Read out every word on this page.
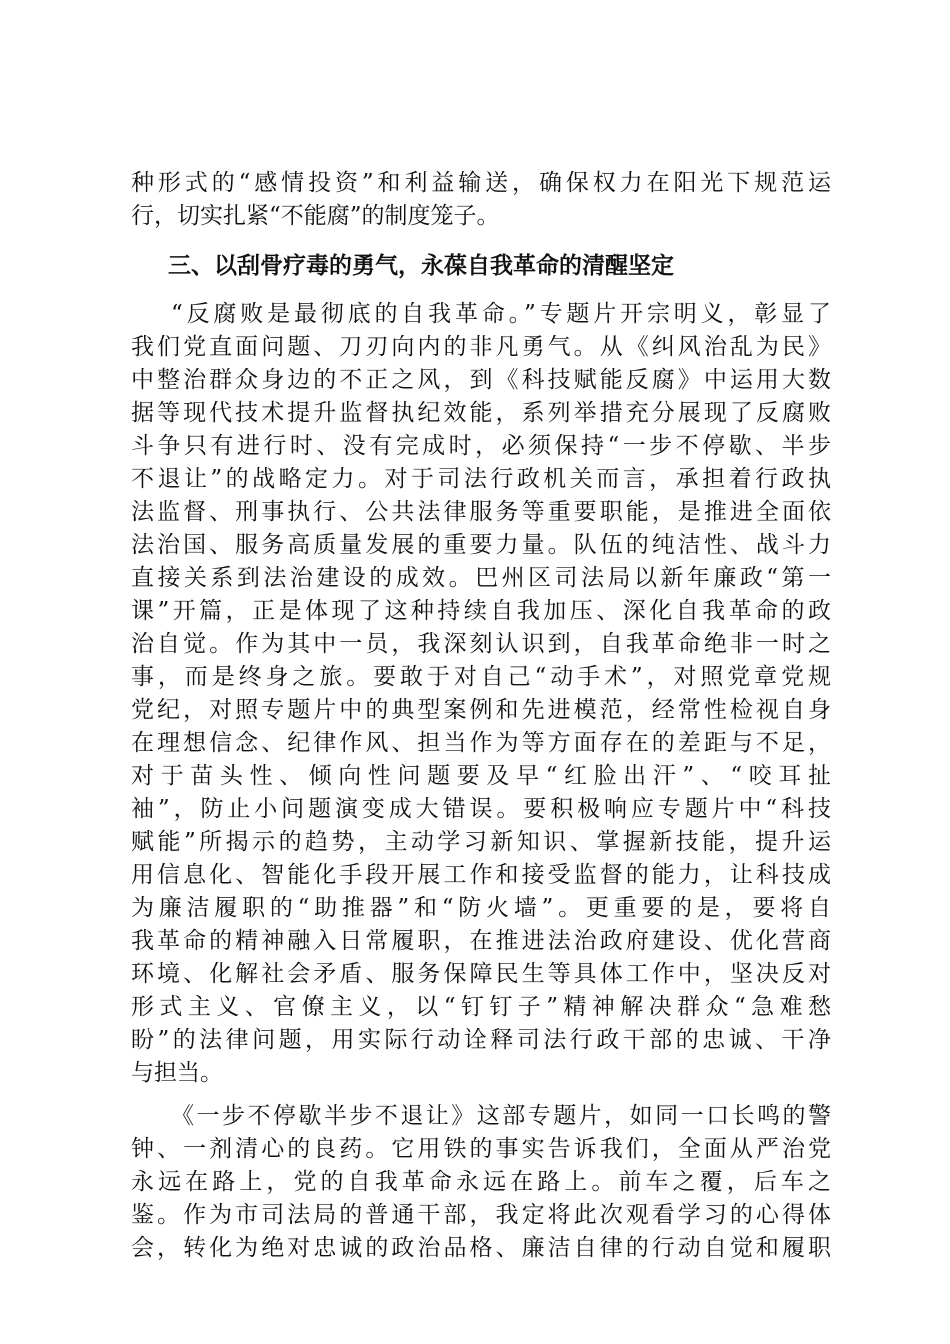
种形式的“感情投资”和利益输送，确保权力在阳光下规范运
行，切实扎紧“不能腐”的制度笼子。
三、以刮骨疗毒的勇气，永葆自我革命的清醒坚定
“反腐败是最彻底的自我革命。”专题片开宗明义，彰显了
我们党直面问题、刀刃向内的非凡勇气。从《纠风治乱为民》
中整治群众身边的不正之风，到《科技赋能反腐》中运用大数
据等现代技术提升监督执纪效能，系列举措充分展现了反腐败
斗争只有进行时、没有完成时，必须保持“一步不停歇、半步
不退让”的战略定力。对于司法行政机关而言，承担着行政执
法监督、刑事执行、公共法律服务等重要职能，是推进全面依
法治国、服务高质量发展的重要力量。队伍的纯洁性、战斗力
直接关系到法治建设的成效。巴州区司法局以新年廉政“第一
课”开篇，正是体现了这种持续自我加压、深化自我革命的政
治自觉。作为其中一员，我深刻认识到，自我革命绝非一时之
事，而是终身之旅。要敢于对自己“动手术”，对照党章党规
党纪，对照专题片中的典型案例和先进模范，经常性检视自身
在理想信念、纪律作风、担当作为等方面存在的差距与不足，
对于苗头性、倾向性问题要及早“红脸出汗”、“咬耳扯
袖”，防止小问题演变成大错误。要积极响应专题片中“科技
赋能”所揭示的趋势，主动学习新知识、掌握新技能，提升运
用信息化、智能化手段开展工作和接受监督的能力，让科技成
为廉洁履职的“助推器”和“防火墙”。更重要的是，要将自
我革命的精神融入日常履职，在推进法治政府建设、优化营商
环境、化解社会矛盾、服务保障民生等具体工作中，坚决反对
形式主义、官僚主义，以“钉钉子”精神解决群众“急难愁
盼”的法律问题，用实际行动诠释司法行政干部的忠诚、干净
与担当。
《一步不停歇半步不退让》这部专题片，如同一口长鸣的警
钟、一剂清心的良药。它用铁的事实告诉我们，全面从严治党
永远在路上，党的自我革命永远在路上。前车之覆，后车之
鉴。作为市司法局的普通干部，我定将此次观看学习的心得体
会，转化为绝对忠诚的政治品格、廉洁自律的行动自觉和履职
